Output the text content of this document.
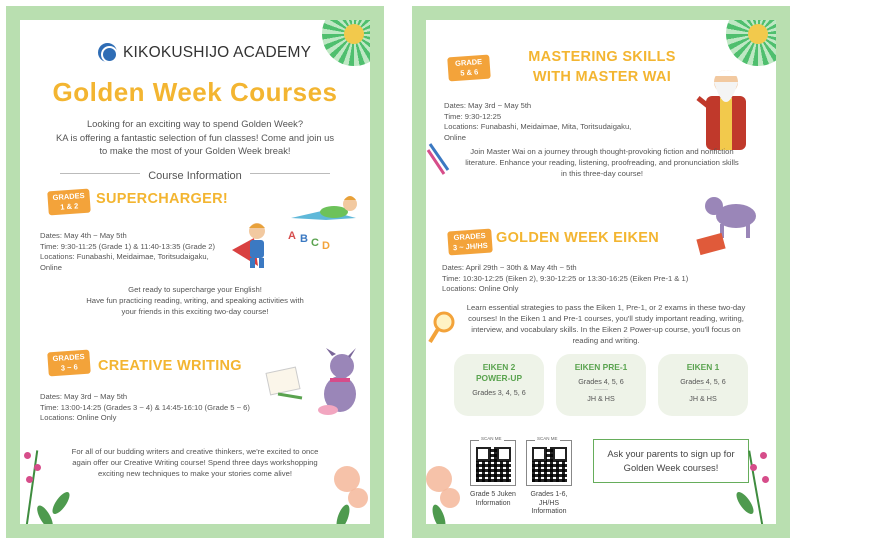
KIKOKUSHIJO ACADEMY
Golden Week Courses
Looking for an exciting way to spend Golden Week?
KA is offering a fantastic selection of fun classes! Come and join us
to make the most of your Golden Week break!
Course Information
GRADES
1 & 2	SUPERCHARGER!
A B C D
Dates: May 4th ~ May 5th
Time: 9:30-11:25 (Grade 1) & 11:40-13:35 (Grade 2)
Locations: Funabashi, Meidaimae, Toritsudaigaku,
Online
Get ready to supercharge your English!
Have fun practicing reading, writing, and speaking activities with
your friends in this exciting two-day course!
GRADES
3 ~ 6	CREATIVE WRITING
Dates: May 3rd ~ May 5th
Time: 13:00-14:25 (Grades 3 ~ 4) & 14:45-16:10 (Grade 5 ~ 6)
Locations: Online Only
For all of our budding writers and creative thinkers, we're excited to once
again offer our Creative Writing course! Spend three days workshopping
exciting new techniques to make your stories come alive!
GRADE
5 & 6
MASTERING SKILLS
WITH MASTER WAI
Dates: May 3rd ~ May 5th
Time: 9:30-12:25
Locations: Funabashi, Meidaimae, Mita, Toritsudaigaku,
Online
Join Master Wai on a journey through thought-provoking fiction and nonfiction
literature. Enhance your reading, listening, proofreading, and pronunciation skills
in this three-day course!
GRADES
3 ~ JH/HS
GOLDEN WEEK EIKEN
Dates: April 29th ~ 30th & May 4th ~ 5th
Time: 10:30-12:25 (Eiken 2), 9:30-12:25 or 13:30-16:25 (Eiken Pre-1 & 1)
Locations: Online Only
Learn essential strategies to pass the Eiken 1, Pre-1, or 2 exams in these two-day
courses! In the Eiken 1 and Pre-1 courses, you'll study important reading, writing,
interview, and vocabulary skills. In the Eiken 2 Power-up course, you'll focus on
reading and writing.
EIKEN 2
POWER-UP
Grades 3, 4, 5, 6
EIKEN PRE-1
Grades 4, 5, 6
-------
JH & HS
EIKEN 1
Grades 4, 5, 6
-------
JH & HS
SCAN ME	SCAN ME
Grade 5 Juken
Information
Grades 1-6,
JH/HS
Information
Ask your parents to sign up for
Golden Week courses!
